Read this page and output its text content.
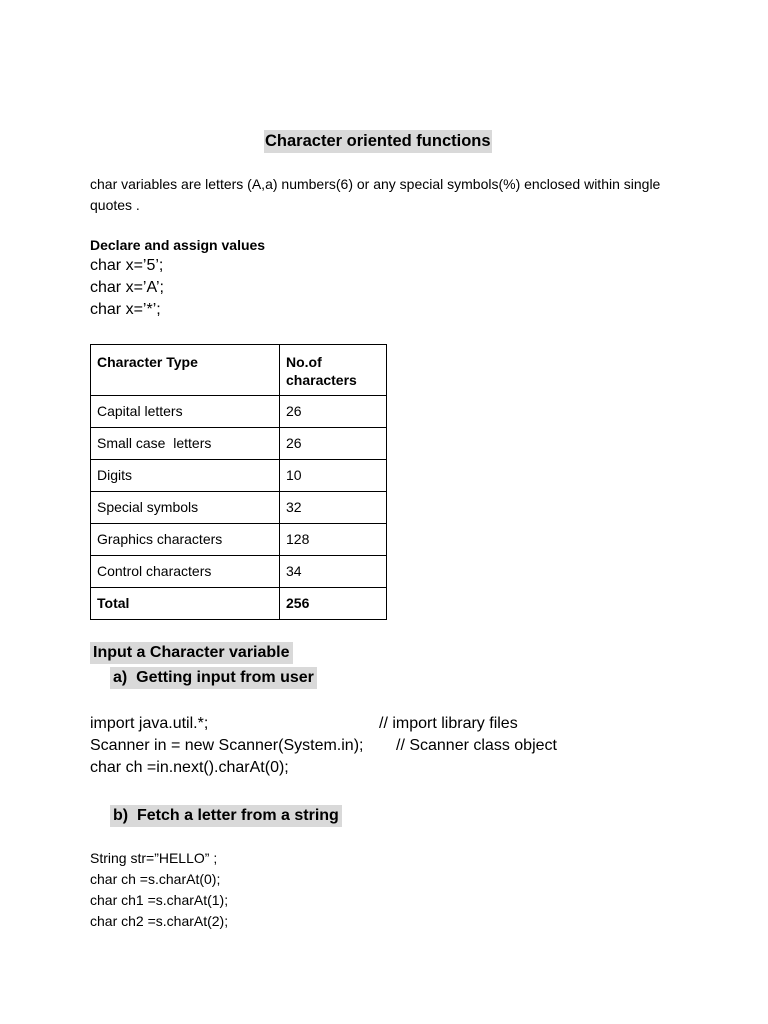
Character oriented functions
char variables are letters (A,a) numbers(6) or any special symbols(%) enclosed within single quotes .
Declare and assign values
char x=’5’;
char x=’A’;
char x=’*’;
Character Type	No.of characters
Capital letters	26
Small case  letters	26
Digits	10
Special symbols	32
Graphics characters	128
Control characters	34
Total	256
Input a Character variable
a)  Getting input from user
import java.util.*;	// import library files
Scanner in = new Scanner(System.in); // Scanner class object
char ch =in.next().charAt(0);
b)  Fetch a letter from a string
String str=”HELLO” ;
char ch =s.charAt(0);
char ch1 =s.charAt(1);
char ch2 =s.charAt(2);
